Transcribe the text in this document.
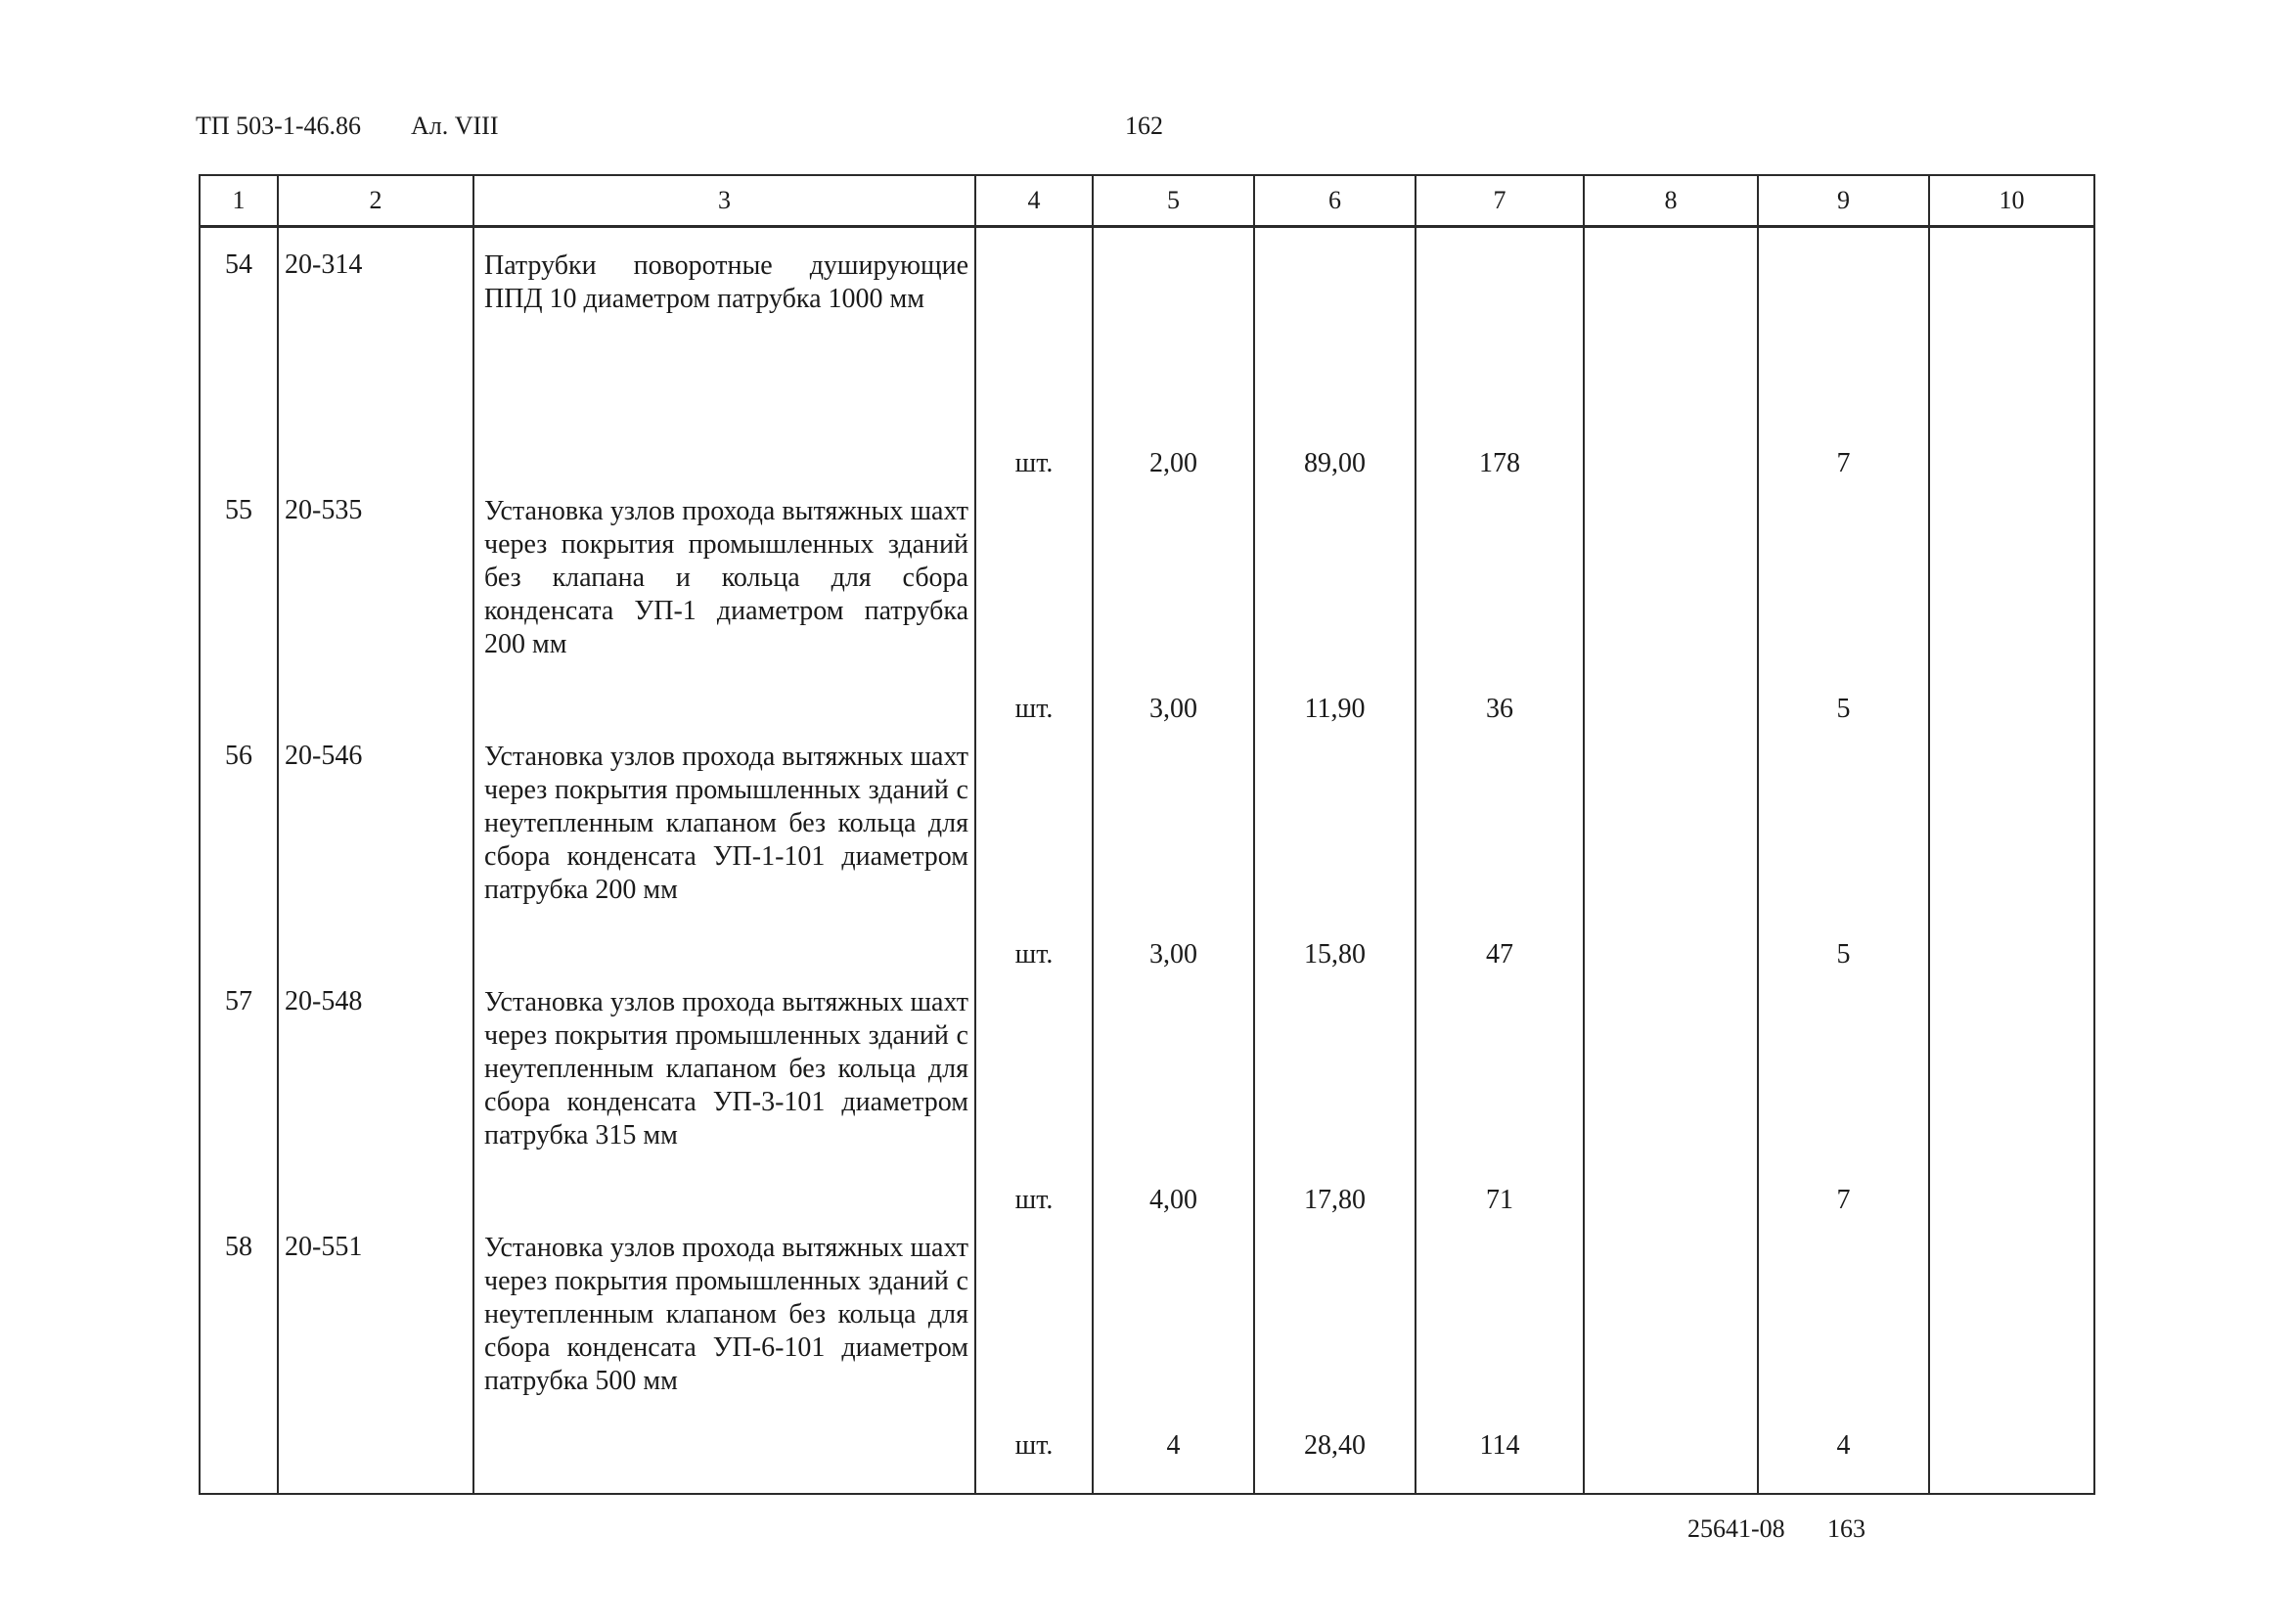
ТП 503-1-46.86 Ал. VIII	162
1	2	3	4	5	6	7	8	9	10
54	20-314	Патрубки поворотные душирующие ППД 10 диаметром патрубка 1000 мм	шт.	2,00	89,00	178		7	
55	20-535	Установка узлов прохода вытяжных шахт через покрытия промышленных зданий без клапана и кольца для сбора конденсата УП-1 диаметром патрубка 200 мм	шт.	3,00	11,90	36		5	
56	20-546	Установка узлов прохода вытяжных шахт через покрытия промышленных зданий с неутепленным клапаном без кольца для сбора конденсата УП-1-101 диаметром патрубка 200 мм	шт.	3,00	15,80	47		5	
57	20-548	Установка узлов прохода вытяжных шахт через покрытия промышленных зданий с неутепленным клапаном без кольца для сбора конденсата УП-3-101 диаметром патрубка 315 мм	шт.	4,00	17,80	71		7	
58	20-551	Установка узлов прохода вытяжных шахт через покрытия промышленных зданий с неутепленным клапаном без кольца для сбора конденсата УП-6-101 диаметром патрубка 500 мм	шт.	4	28,40	114		4	

25641-08 163
